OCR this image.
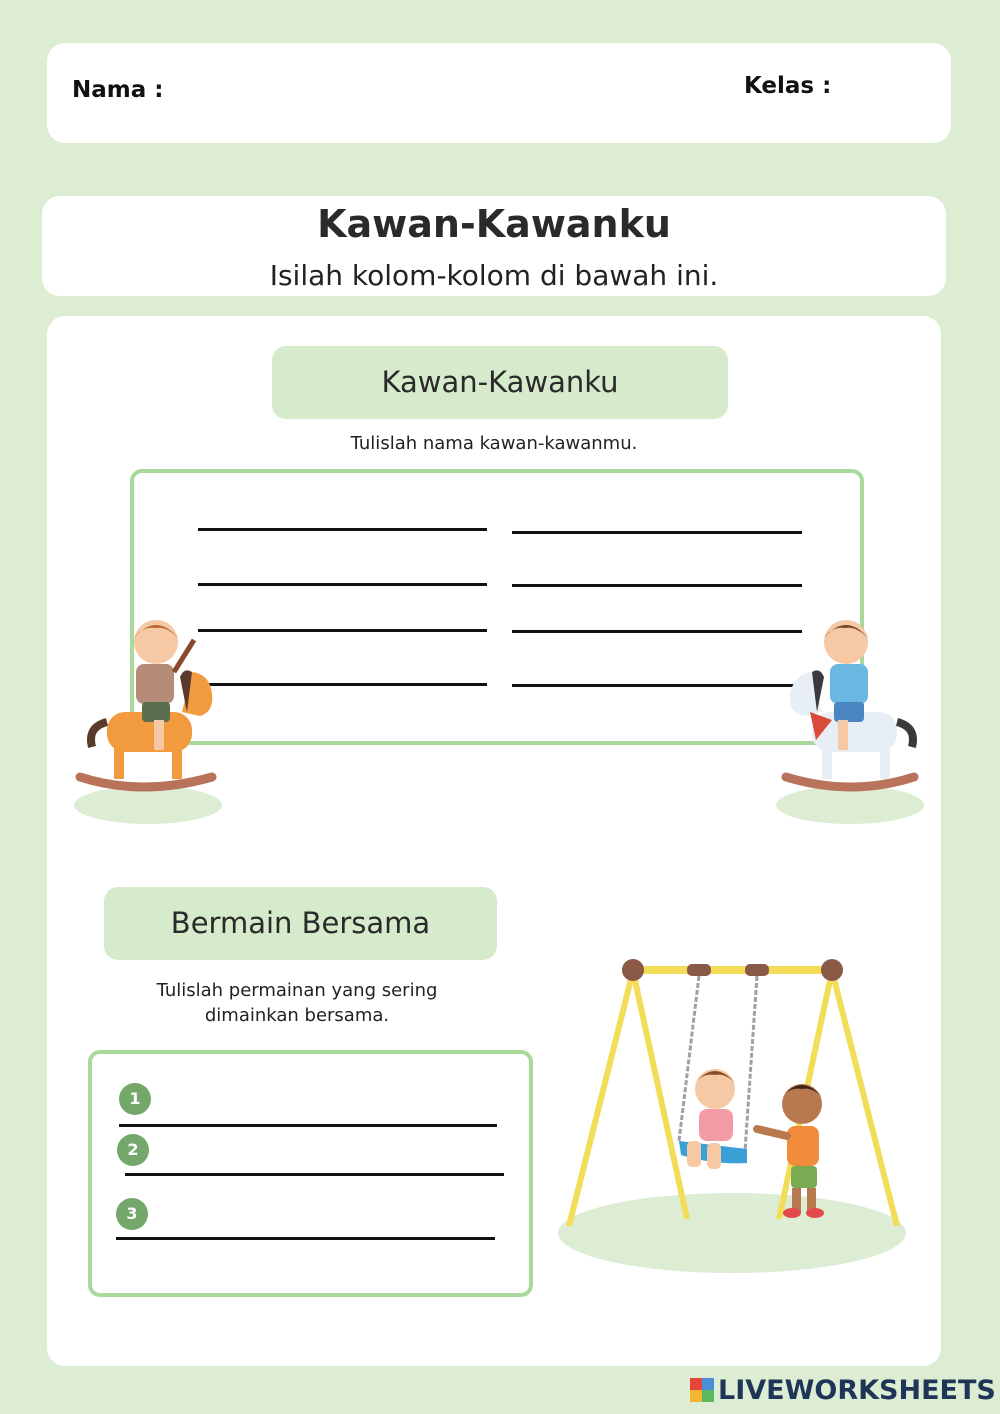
Nama :	Kelas :
Kawan-Kawanku
Isilah kolom-kolom di bawah ini.
Kawan-Kawanku
Tulislah nama kawan-kawanmu.
Bermain Bersama
Tulislah permainan yang sering
dimainkan bersama.
1
2
3
LIVEWORKSHEETS
